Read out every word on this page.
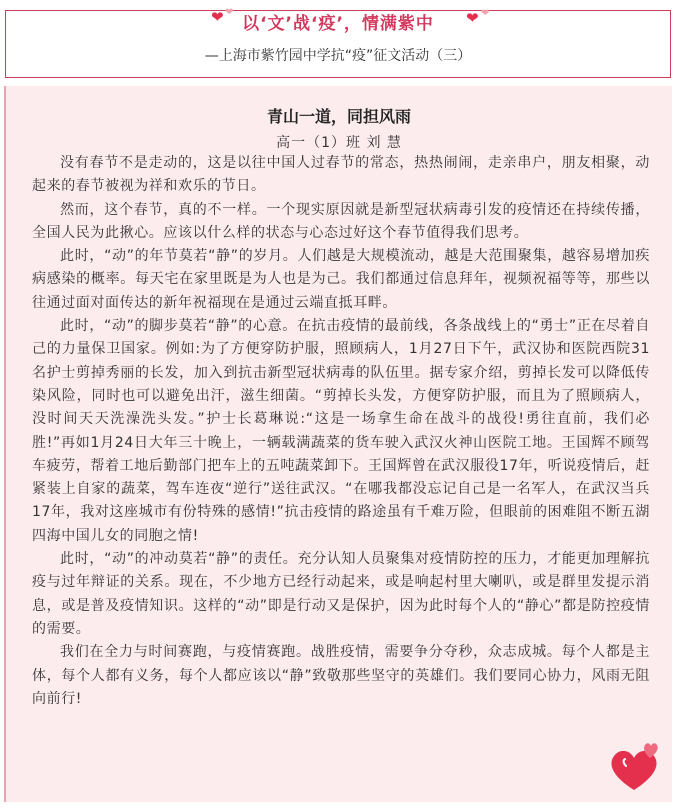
以‘文’战‘疫’，情满紫中
❤ ❤	❤ ❤
—上海市紫竹园中学抗“疫”征文活动（三）
青山一道，同担风雨
高一（1）班 刘 慧

没有春节不是走动的，这是以往中国人过春节的常态，热热闹闹，走亲串户，朋友相聚，动起来的春节被视为祥和欢乐的节日。

然而，这个春节，真的不一样。一个现实原因就是新型冠状病毒引发的疫情还在持续传播，全国人民为此揪心。应该以什么样的状态与心态过好这个春节值得我们思考。

此时，“动”的年节莫若“静”的岁月。人们越是大规模流动，越是大范围聚集，越容易增加疾病感染的概率。每天宅在家里既是为人也是为己。我们都通过信息拜年，视频祝福等等，那些以往通过面对面传达的新年祝福现在是通过云端直抵耳畔。

此时，“动”的脚步莫若“静”的心意。在抗击疫情的最前线，各条战线上的“勇士”正在尽着自己的力量保卫国家。例如:为了方便穿防护服，照顾病人，1月27日下午，武汉协和医院西院31名护士剪掉秀丽的长发，加入到抗击新型冠状病毒的队伍里。据专家介绍，剪掉长发可以降低传染风险，同时也可以避免出汗，滋生细菌。“剪掉长头发，方便穿防护服，而且为了照顾病人，没时间天天洗澡洗头发。”护士长葛琳说:“这是一场拿生命在战斗的战役!勇往直前，我们必胜!”再如1月24日大年三十晚上，一辆载满蔬菜的货车驶入武汉火神山医院工地。王国辉不顾驾车疲劳，帮着工地后勤部门把车上的五吨蔬菜卸下。王国辉曾在武汉服役17年，听说疫情后，赶紧装上自家的蔬菜，驾车连夜“逆行”送往武汉。“在哪我都没忘记自己是一名军人，在武汉当兵17年，我对这座城市有份特殊的感情!”抗击疫情的路途虽有千难万险，但眼前的困难阻不断五湖四海中国儿女的同胞之情!

此时，“动”的冲动莫若“静”的责任。充分认知人员聚集对疫情防控的压力，才能更加理解抗疫与过年辩证的关系。现在，不少地方已经行动起来，或是响起村里大喇叭，或是群里发提示消息，或是普及疫情知识。这样的“动”即是行动又是保护，因为此时每个人的“静心”都是防控疫情的需要。

我们在全力与时间赛跑，与疫情赛跑。战胜疫情，需要争分夺秒，众志成城。每个人都是主体，每个人都有义务，每个人都应该以“静”致敬那些坚守的英雄们。我们要同心协力，风雨无阻向前行!
